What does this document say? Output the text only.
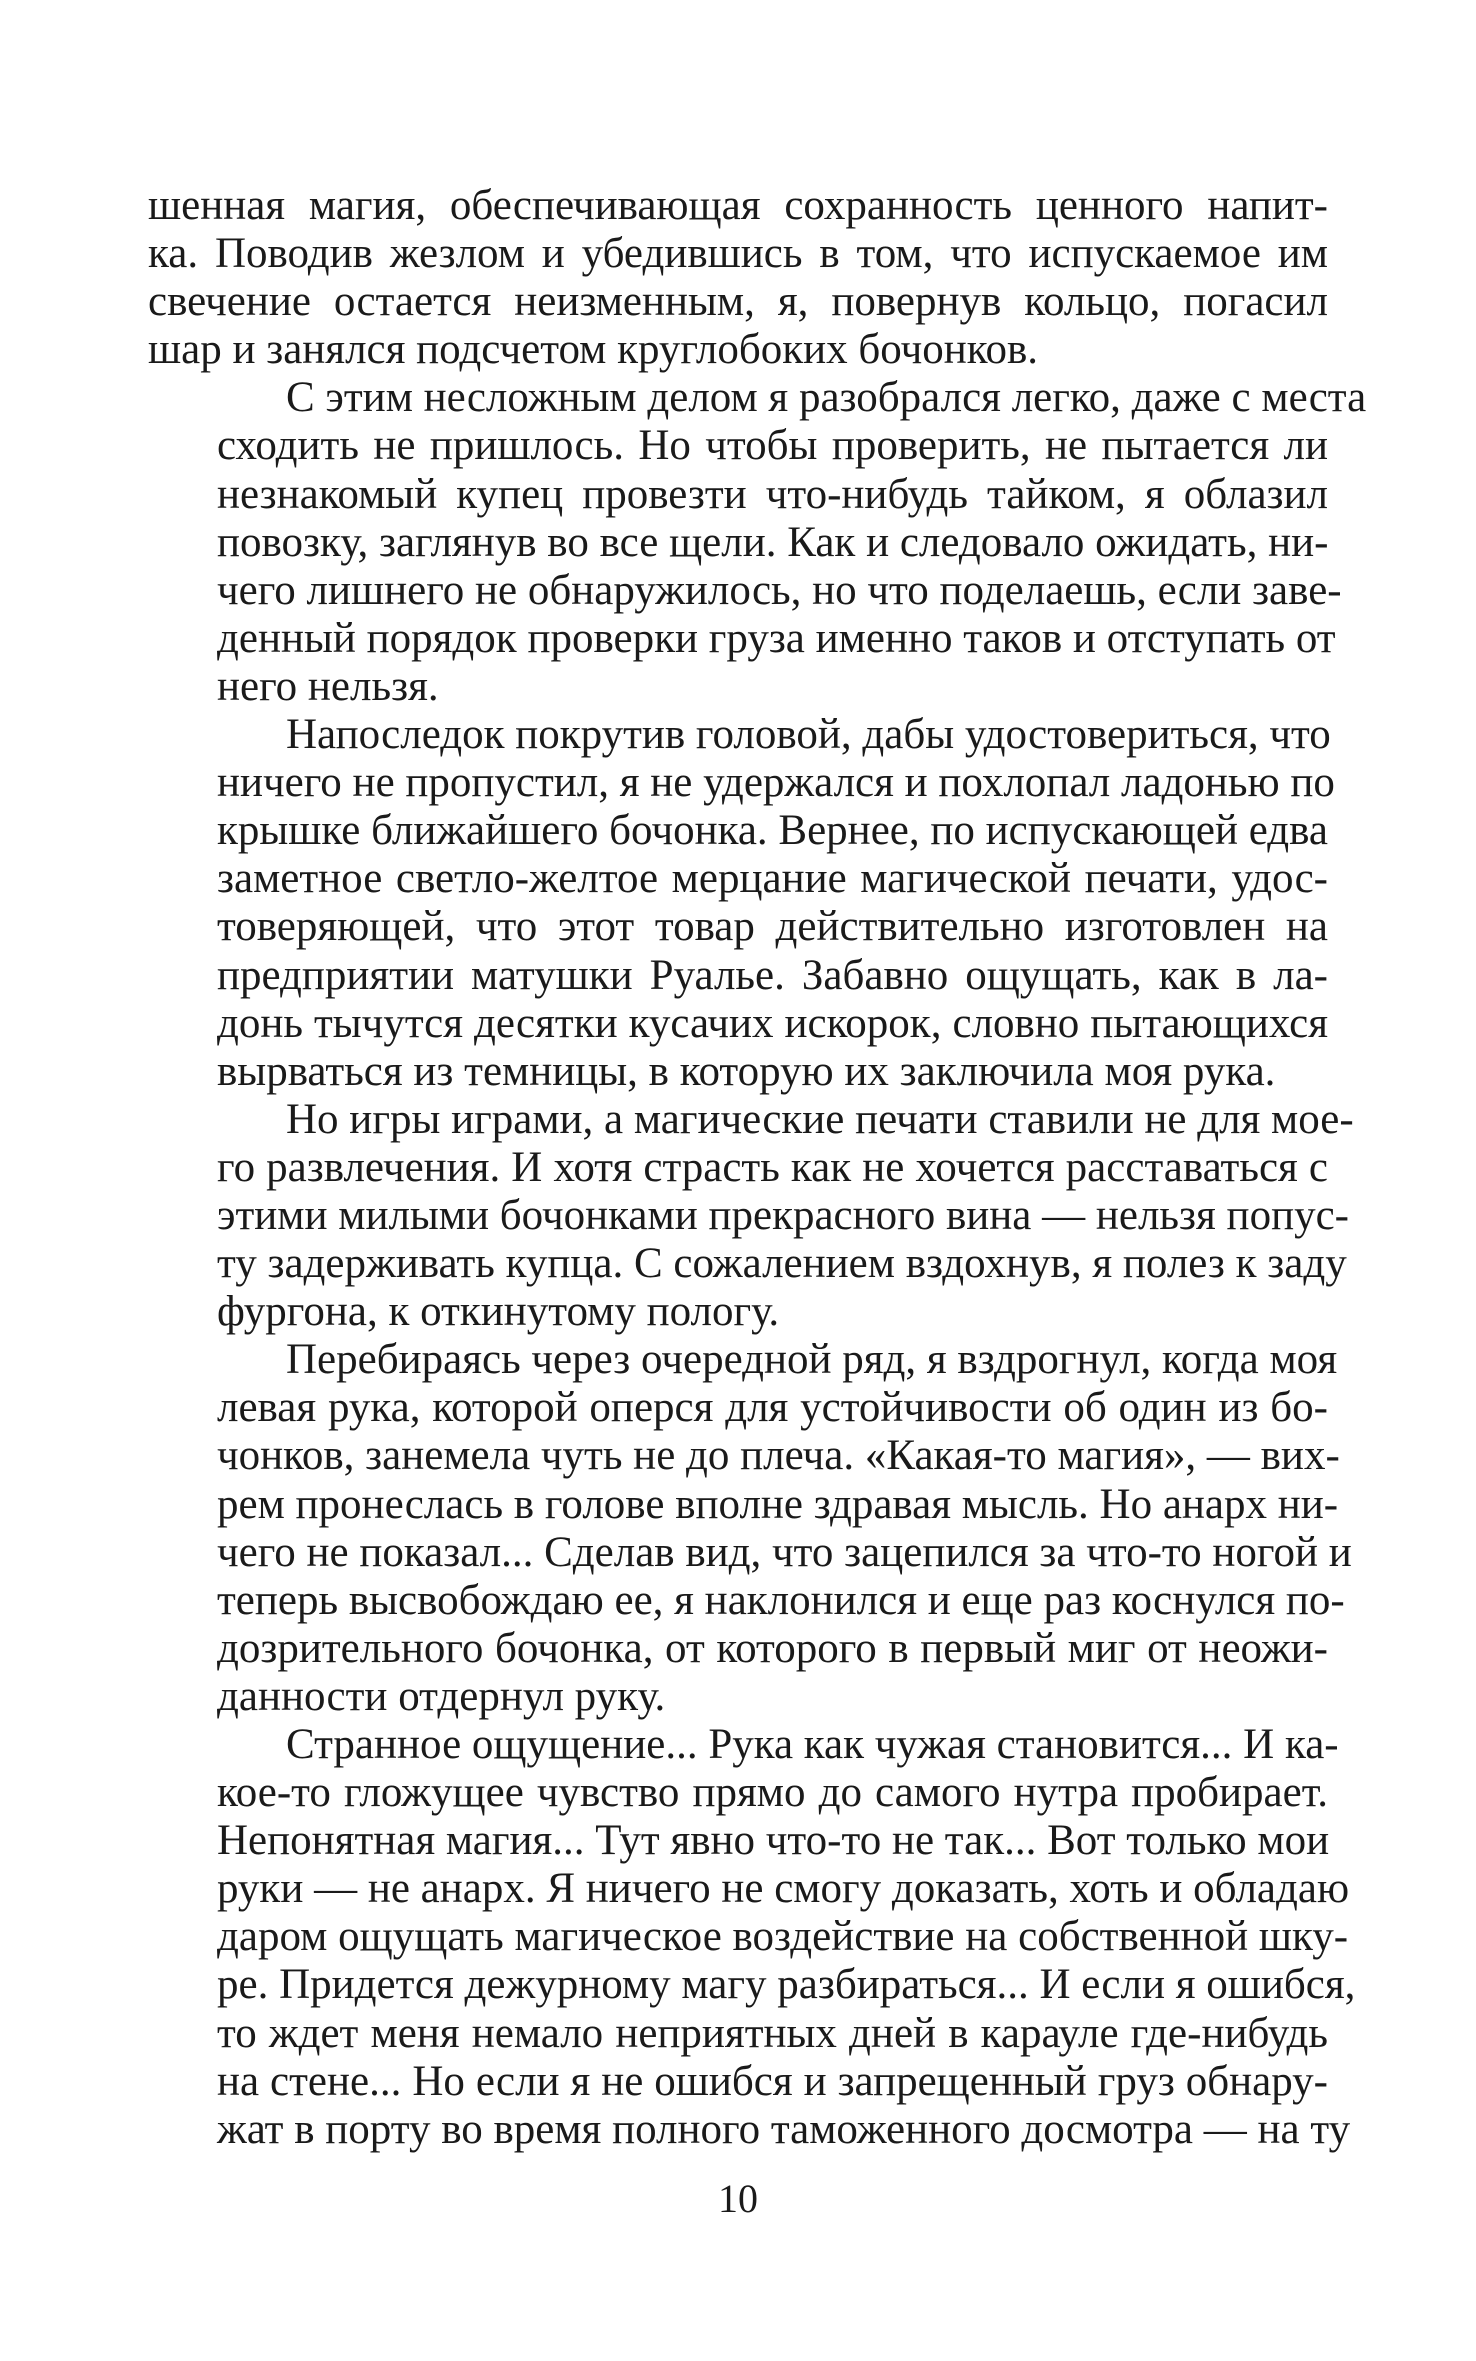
шенная магия, обеспечивающая сохранность ценного напит-
ка. Поводив жезлом и убедившись в том, что испускаемое им
свечение остается неизменным, я, повернув кольцо, погасил
шар и занялся подсчетом круглобоких бочонков.

С этим несложным делом я разобрался легко, даже с места
сходить не пришлось. Но чтобы проверить, не пытается ли
незнакомый купец провезти что-нибудь тайком, я облазил
повозку, заглянув во все щели. Как и следовало ожидать, ни-
чего лишнего не обнаружилось, но что поделаешь, если заве-
денный порядок проверки груза именно таков и отступать от
него нельзя.

Напоследок покрутив головой, дабы удостовериться, что
ничего не пропустил, я не удержался и похлопал ладонью по
крышке ближайшего бочонка. Вернее, по испускающей едва
заметное светло-желтое мерцание магической печати, удос-
товеряющей, что этот товар действительно изготовлен на
предприятии матушки Руалье. Забавно ощущать, как в ла-
донь тычутся десятки кусачих искорок, словно пытающихся
вырваться из темницы, в которую их заключила моя рука.

Но игры играми, а магические печати ставили не для мое-
го развлечения. И хотя страсть как не хочется расставаться с
этими милыми бочонками прекрасного вина — нельзя попус-
ту задерживать купца. С сожалением вздохнув, я полез к заду
фургона, к откинутому пологу.

Перебираясь через очередной ряд, я вздрогнул, когда моя
левая рука, которой оперся для устойчивости об один из бо-
чонков, занемела чуть не до плеча. «Какая-то магия», — вих-
рем пронеслась в голове вполне здравая мысль. Но анарх ни-
чего не показал... Сделав вид, что зацепился за что-то ногой и
теперь высвобождаю ее, я наклонился и еще раз коснулся по-
дозрительного бочонка, от которого в первый миг от неожи-
данности отдернул руку.

Странное ощущение... Рука как чужая становится... И ка-
кое-то гложущее чувство прямо до самого нутра пробирает.
Непонятная магия... Тут явно что-то не так... Вот только мои
руки — не анарх. Я ничего не смогу доказать, хоть и обладаю
даром ощущать магическое воздействие на собственной шку-
ре. Придется дежурному магу разбираться... И если я ошибся,
то ждет меня немало неприятных дней в карауле где-нибудь
на стене... Но если я не ошибся и запрещенный груз обнару-
жат в порту во время полного таможенного досмотра — на ту

10
